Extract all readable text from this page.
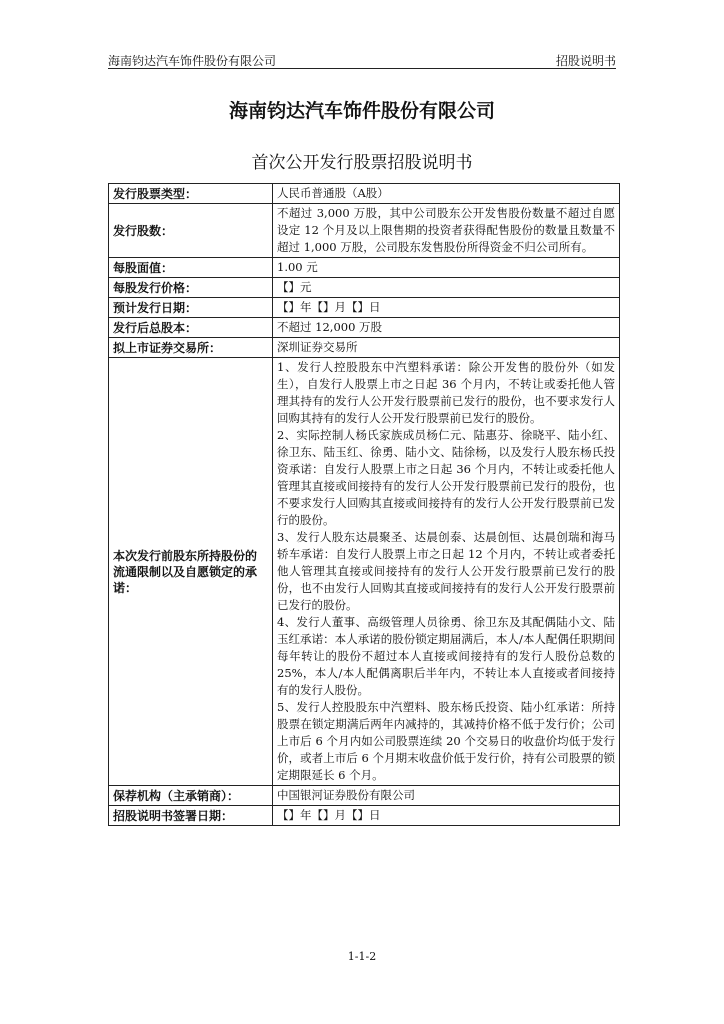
海南钧达汽车饰件股份有限公司	招股说明书
海南钧达汽车饰件股份有限公司
首次公开发行股票招股说明书
发行股票类型：	人民币普通股（A股）
发行股数：	不超过 3,000 万股，其中公司股东公开发售股份数量不超过自愿设定 12 个月及以上限售期的投资者获得配售股份的数量且数量不超过 1,000 万股，公司股东发售股份所得资金不归公司所有。
每股面值：	1.00 元
每股发行价格：	【】元
预计发行日期：	【】年【】月【】日
发行后总股本：	不超过 12,000 万股
拟上市证券交易所：	深圳证券交易所
本次发行前股东所持股份的流通限制以及自愿锁定的承诺：	1、发行人控股股东中汽塑料承诺：除公开发售的股份外（如发生），自发行人股票上市之日起 36 个月内，不转让或委托他人管理其持有的发行人公开发行股票前已发行的股份，也不要求发行人回购其持有的发行人公开发行股票前已发行的股份。
2、实际控制人杨氏家族成员杨仁元、陆惠芬、徐晓平、陆小红、徐卫东、陆玉红、徐勇、陆小文、陆徐杨，以及发行人股东杨氏投资承诺：自发行人股票上市之日起 36 个月内，不转让或委托他人管理其直接或间接持有的发行人公开发行股票前已发行的股份，也不要求发行人回购其直接或间接持有的发行人公开发行股票前已发行的股份。
3、发行人股东达晨聚圣、达晨创泰、达晨创恒、达晨创瑞和海马轿车承诺：自发行人股票上市之日起 12 个月内，不转让或者委托他人管理其直接或间接持有的发行人公开发行股票前已发行的股份，也不由发行人回购其直接或间接持有的发行人公开发行股票前已发行的股份。
4、发行人董事、高级管理人员徐勇、徐卫东及其配偶陆小文、陆玉红承诺：本人承诺的股份锁定期届满后，本人/本人配偶任职期间每年转让的股份不超过本人直接或间接持有的发行人股份总数的 25%，本人/本人配偶离职后半年内，不转让本人直接或者间接持有的发行人股份。
5、发行人控股股东中汽塑料、股东杨氏投资、陆小红承诺：所持股票在锁定期满后两年内减持的，其减持价格不低于发行价；公司上市后 6 个月内如公司股票连续 20 个交易日的收盘价均低于发行价，或者上市后 6 个月期末收盘价低于发行价，持有公司股票的锁定期限延长 6 个月。

保荐机构（主承销商）：	中国银河证券股份有限公司
招股说明书签署日期：	【】年【】月【】日
1-1-2
